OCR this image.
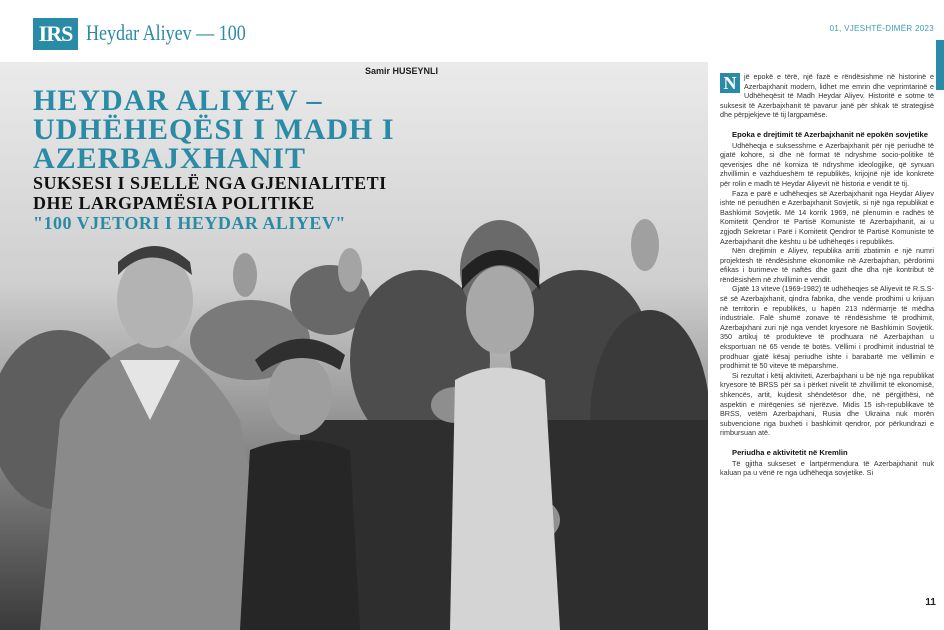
IRS Heydar Aliyev — 100
Samir HUSEYNLI
HEYDAR ALIYEV –
UDHËHEQËSI I MADH I
AZERBAJXHANIT
SUKSESI I SJELLË NGA GJENIALITETI
DHE LARGPAMËSIA POLITIKE
"100 VJETORI I HEYDAR ALIYEV"
01, VJESHTË-DIMËR 2023

N	jë epokë e tërë, një fazë e rëndësishme në historinë e Azerbajxhanit modern, lidhet me emrin dhe veprimtarinë e Udhëheqësit të Madh Heydar Aliyev. Historitë e sotme të suksesit të Azerbajxhanit të pavarur janë për shkak të strategjisë dhe përpjekjeve të tij largpamëse.

Epoka e drejtimit të Azerbajxhanit në epokën sovjetike

Udhëheqja e suksesshme e Azerbajxhanit për një periudhë të gjatë kohore, si dhe në format të ndryshme socio-politike të qeverisjes dhe në korniza të ndryshme ideologjike, që synuan zhvillimin e vazhdueshëm të republikës, krijojnë një ide konkrete për rolin e madh të Heydar Aliyevit në historia e vendit të tij.

Faza e parë e udhëheqjes së Azerbajxhanit nga Heydar Aliyev ishte në periudhën e Azerbajxhanit Sovjetik, si një nga republikat e Bashkimit Sovjetik. Më 14 korrik 1969, në plenumin e radhës të Komitetit Qendror të Partisë Komuniste të Azerbajxhanit, ai u zgjodh Sekretar i Parë i Komitetit Qendror të Partisë Komuniste të Azerbajxhanit dhe kështu u bë udhëheqës i republikës.

Nën drejtimin e Aliyev, republika arriti zbatimin e një numri projektesh të rëndësishme ekonomike në Azerbajxhan, përdorimi efikas i burimeve të naftës dhe gazit dhe dha një kontribut të rëndësishëm në zhvillimin e vendit.

Gjatë 13 viteve (1969-1982) të udhëheqjes së Aliyevit të R.S.S-së së Azerbajxhanit, qindra fabrika, dhe vende prodhimi u krijuan në territorin e republikës, u hapën 213 ndërmarrje të mëdha industriale. Falë shumë zonave të rëndësishme të prodhimit, Azerbajxhani zuri një nga vendet kryesore në Bashkimin Sovjetik. 350 artikuj të produkteve të prodhuara në Azerbajxhan u eksportuan në 65 vende të botës. Vëllimi i prodhimit industrial të prodhuar gjatë kësaj periudhe ishte i barabartë me vëllimin e prodhimit të 50 viteve të mëparshme.

Si rezultat i këtij aktiviteti, Azerbajxhani u bë një nga republikat kryesore të BRSS për sa i përket nivelit të zhvillimit të ekonomisë, shkencës, artit, kujdesit shëndetësor dhe, në përgjithësi, në aspektin e mirëqenies së njerëzve. Midis 15 ish-republikave të BRSS, vetëm Azerbajxhani, Rusia dhe Ukraina nuk morën subvencione nga buxheti i bashkimit qendror, por përkundrazi e rimbursuan atë.

Periudha e aktivitetit në Kremlin

Të gjitha sukseset e lartpërmendura të Azerbajxhanit nuk kaluan pa u vënë re nga udhëheqja sovjetike. Si

11
